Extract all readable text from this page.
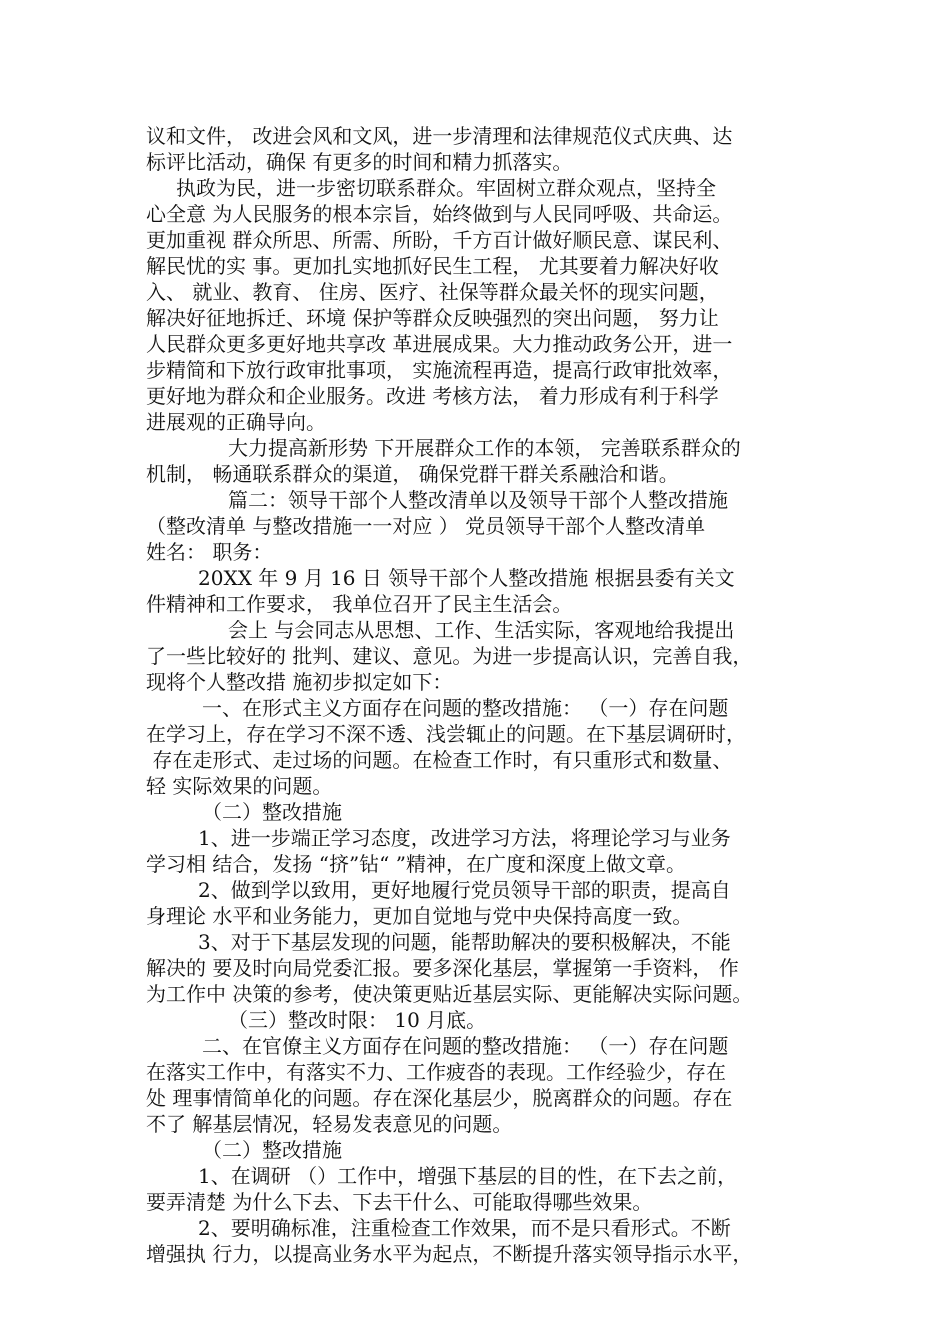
议和文件， 改进会风和文风，进一步清理和法律规范仪式庆典、达
标评比活动，确保 有更多的时间和精力抓落实。
执政为民，进一步密切联系群众。牢固树立群众观点，坚持全
心全意 为人民服务的根本宗旨，始终做到与人民同呼吸、共命运。
更加重视 群众所思、所需、所盼，千方百计做好顺民意、谋民利、
解民忧的实 事。更加扎实地抓好民生工程， 尤其要着力解决好收
入、 就业、教育、 住房、医疗、社保等群众最关怀的现实问题，
解决好征地拆迁、环境 保护等群众反映强烈的突出问题， 努力让
人民群众更多更好地共享改 革进展成果。大力推动政务公开，进一
步精简和下放行政审批事项， 实施流程再造，提高行政审批效率，
更好地为群众和企业服务。改进 考核方法， 着力形成有利于科学
进展观的正确导向。
大力提高新形势 下开展群众工作的本领， 完善联系群众的
机制， 畅通联系群众的渠道， 确保党群干群关系融洽和谐。
篇二：领导干部个人整改清单以及领导干部个人整改措施
（整改清单 与整改措施一一对应 ） 党员领导干部个人整改清单
姓名： 职务：
20XX 年 9 月 16 日 领导干部个人整改措施 根据县委有关文
件精神和工作要求， 我单位召开了民主生活会。
会上 与会同志从思想、工作、生活实际，客观地给我提出
了一些比较好的 批判、建议、意见。为进一步提高认识，完善自我，
现将个人整改措 施初步拟定如下：
一、在形式主义方面存在问题的整改措施： （一）存在问题
在学习上，存在学习不深不透、浅尝辄止的问题。在下基层调研时，
存在走形式、走过场的问题。在检查工作时，有只重形式和数量、
轻 实际效果的问题。
（二）整改措施
1、进一步端正学习态度，改进学习方法，将理论学习与业务
学习相 结合，发扬 “挤”钻“ ”精神，在广度和深度上做文章。
2、做到学以致用，更好地履行党员领导干部的职责，提高自
身理论 水平和业务能力，更加自觉地与党中央保持高度一致。
3、对于下基层发现的问题，能帮助解决的要积极解决，不能
解决的 要及时向局党委汇报。要多深化基层，掌握第一手资料， 作
为工作中 决策的参考，使决策更贴近基层实际、更能解决实际问题。
（三）整改时限： 10 月底。
二、在官僚主义方面存在问题的整改措施： （一）存在问题
在落实工作中，有落实不力、工作疲沓的表现。工作经验少，存在
处 理事情简单化的问题。存在深化基层少，脱离群众的问题。存在
不了 解基层情况，轻易发表意见的问题。
（二）整改措施
1、在调研 （）工作中，增强下基层的目的性，在下去之前，
要弄清楚 为什么下去、下去干什么、可能取得哪些效果。
2、要明确标准，注重检查工作效果，而不是只看形式。不断
增强执 行力，以提高业务水平为起点，不断提升落实领导指示水平，
